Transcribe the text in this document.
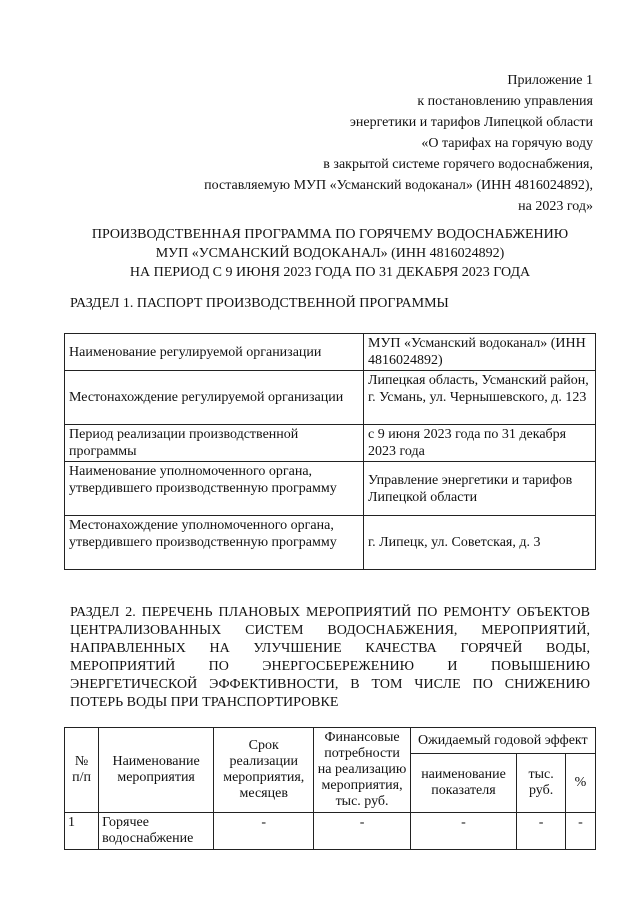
Приложение 1
к постановлению управления
энергетики и тарифов Липецкой области
«О тарифах на горячую воду
в закрытой системе горячего водоснабжения,
поставляемую МУП «Усманский водоканал» (ИНН 4816024892),
на 2023 год»
ПРОИЗВОДСТВЕННАЯ ПРОГРАММА ПО ГОРЯЧЕМУ ВОДОСНАБЖЕНИЮ
МУП «УСМАНСКИЙ ВОДОКАНАЛ» (ИНН 4816024892)
НА ПЕРИОД С 9 ИЮНЯ 2023 ГОДА ПО 31 ДЕКАБРЯ 2023 ГОДА
РАЗДЕЛ 1. ПАСПОРТ ПРОИЗВОДСТВЕННОЙ ПРОГРАММЫ
Наименование регулируемой организации	МУП «Усманский водоканал» (ИНН 4816024892)
Местонахождение регулируемой организации	Липецкая область, Усманский район, г. Усмань, ул. Чернышевского, д. 123
Период реализации производственной программы	с 9 июня 2023 года по 31 декабря 2023 года
Наименование уполномоченного органа, утвердившего производственную программу	Управление энергетики и тарифов Липецкой области
Местонахождение уполномоченного органа, утвердившего производственную программу	г. Липецк, ул. Советская, д. 3
РАЗДЕЛ 2. ПЕРЕЧЕНЬ ПЛАНОВЫХ МЕРОПРИЯТИЙ ПО РЕМОНТУ ОБЪЕКТОВ ЦЕНТРАЛИЗОВАННЫХ СИСТЕМ ВОДОСНАБЖЕНИЯ, МЕРОПРИЯТИЙ, НАПРАВЛЕННЫХ НА УЛУЧШЕНИЕ КАЧЕСТВА ГОРЯЧЕЙ ВОДЫ, МЕРОПРИЯТИЙ ПО ЭНЕРГОСБЕРЕЖЕНИЮ И ПОВЫШЕНИЮ ЭНЕРГЕТИЧЕСКОЙ ЭФФЕКТИВНОСТИ, В ТОМ ЧИСЛЕ ПО СНИЖЕНИЮ ПОТЕРЬ ВОДЫ ПРИ ТРАНСПОРТИРОВКЕ
№ п/п	Наименование мероприятия	Срок реализации мероприятия, месяцев	Финансовые потребности на реализацию мероприятия, тыс. руб.	Ожидаемый годовой эффект		
				наименование показателя	тыс. руб.	%
1	Горячее водоснабжение	-	-	-	-	-
